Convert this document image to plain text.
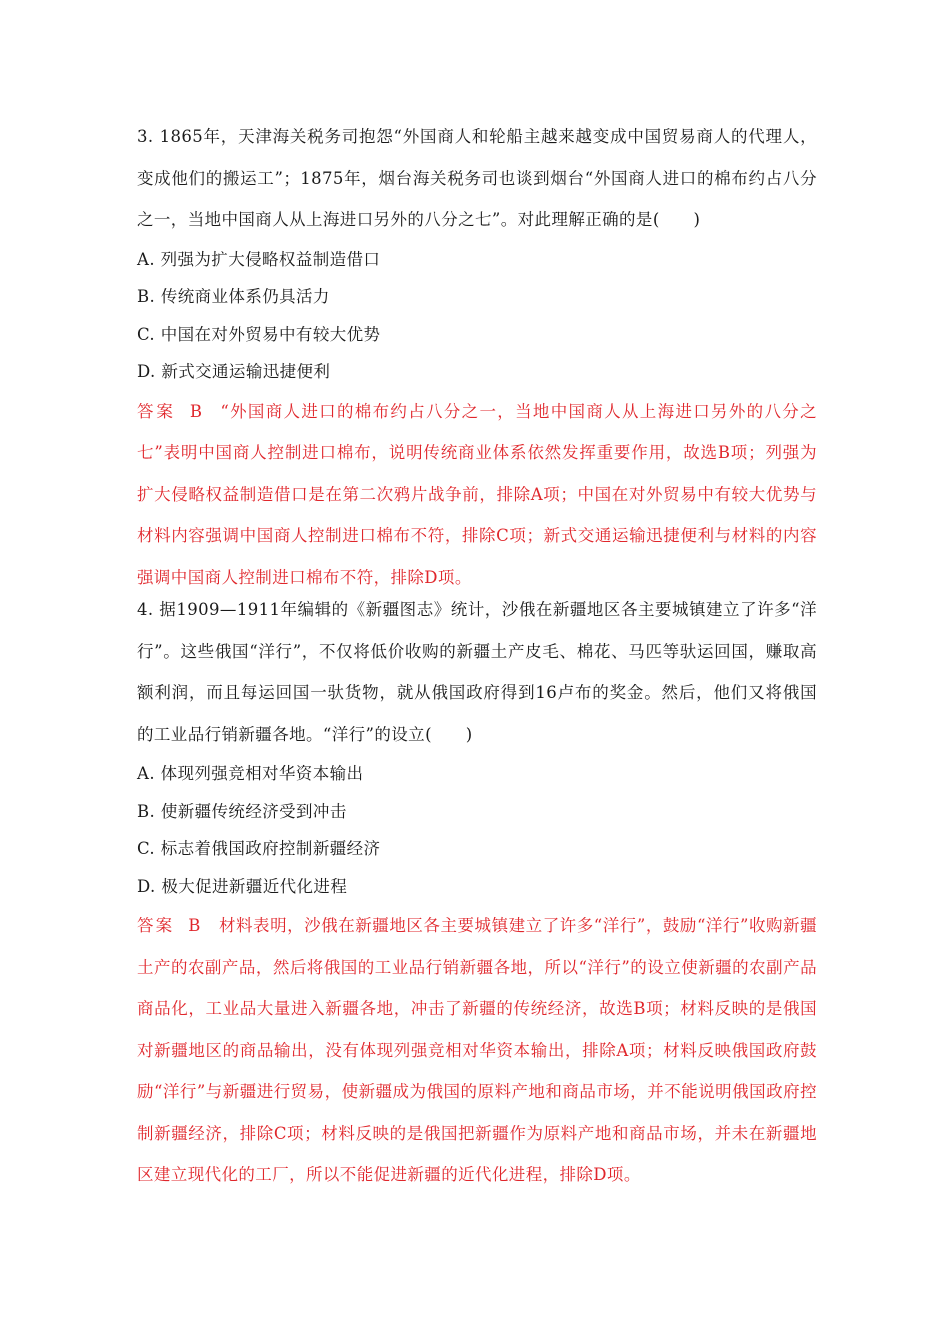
3. 1865年，天津海关税务司抱怨“外国商人和轮船主越来越变成中国贸易商人的代理人，变成他们的搬运工”；1875年，烟台海关税务司也谈到烟台“外国商人进口的棉布约占八分之一，当地中国商人从上海进口另外的八分之七”。对此理解正确的是(　　)

A. 列强为扩大侵略权益制造借口

B. 传统商业体系仍具活力

C. 中国在对外贸易中有较大优势

D. 新式交通运输迅捷便利

答案 B “外国商人进口的棉布约占八分之一，当地中国商人从上海进口另外的八分之七”表明中国商人控制进口棉布，说明传统商业体系依然发挥重要作用，故选B项；列强为扩大侵略权益制造借口是在第二次鸦片战争前，排除A项；中国在对外贸易中有较大优势与材料内容强调中国商人控制进口棉布不符，排除C项；新式交通运输迅捷便利与材料的内容强调中国商人控制进口棉布不符，排除D项。

4. 据1909—1911年编辑的《新疆图志》统计，沙俄在新疆地区各主要城镇建立了许多“洋行”。这些俄国“洋行”，不仅将低价收购的新疆土产皮毛、棉花、马匹等驮运回国，赚取高额利润，而且每运回国一驮货物，就从俄国政府得到16卢布的奖金。然后，他们又将俄国的工业品行销新疆各地。“洋行”的设立(　　)

A. 体现列强竞相对华资本输出

B. 使新疆传统经济受到冲击

C. 标志着俄国政府控制新疆经济

D. 极大促进新疆近代化进程

答案 B 材料表明，沙俄在新疆地区各主要城镇建立了许多“洋行”，鼓励“洋行”收购新疆土产的农副产品，然后将俄国的工业品行销新疆各地，所以“洋行”的设立使新疆的农副产品商品化，工业品大量进入新疆各地，冲击了新疆的传统经济，故选B项；材料反映的是俄国对新疆地区的商品输出，没有体现列强竞相对华资本输出，排除A项；材料反映俄国政府鼓励“洋行”与新疆进行贸易，使新疆成为俄国的原料产地和商品市场，并不能说明俄国政府控制新疆经济，排除C项；材料反映的是俄国把新疆作为原料产地和商品市场，并未在新疆地区建立现代化的工厂，所以不能促进新疆的近代化进程，排除D项。
